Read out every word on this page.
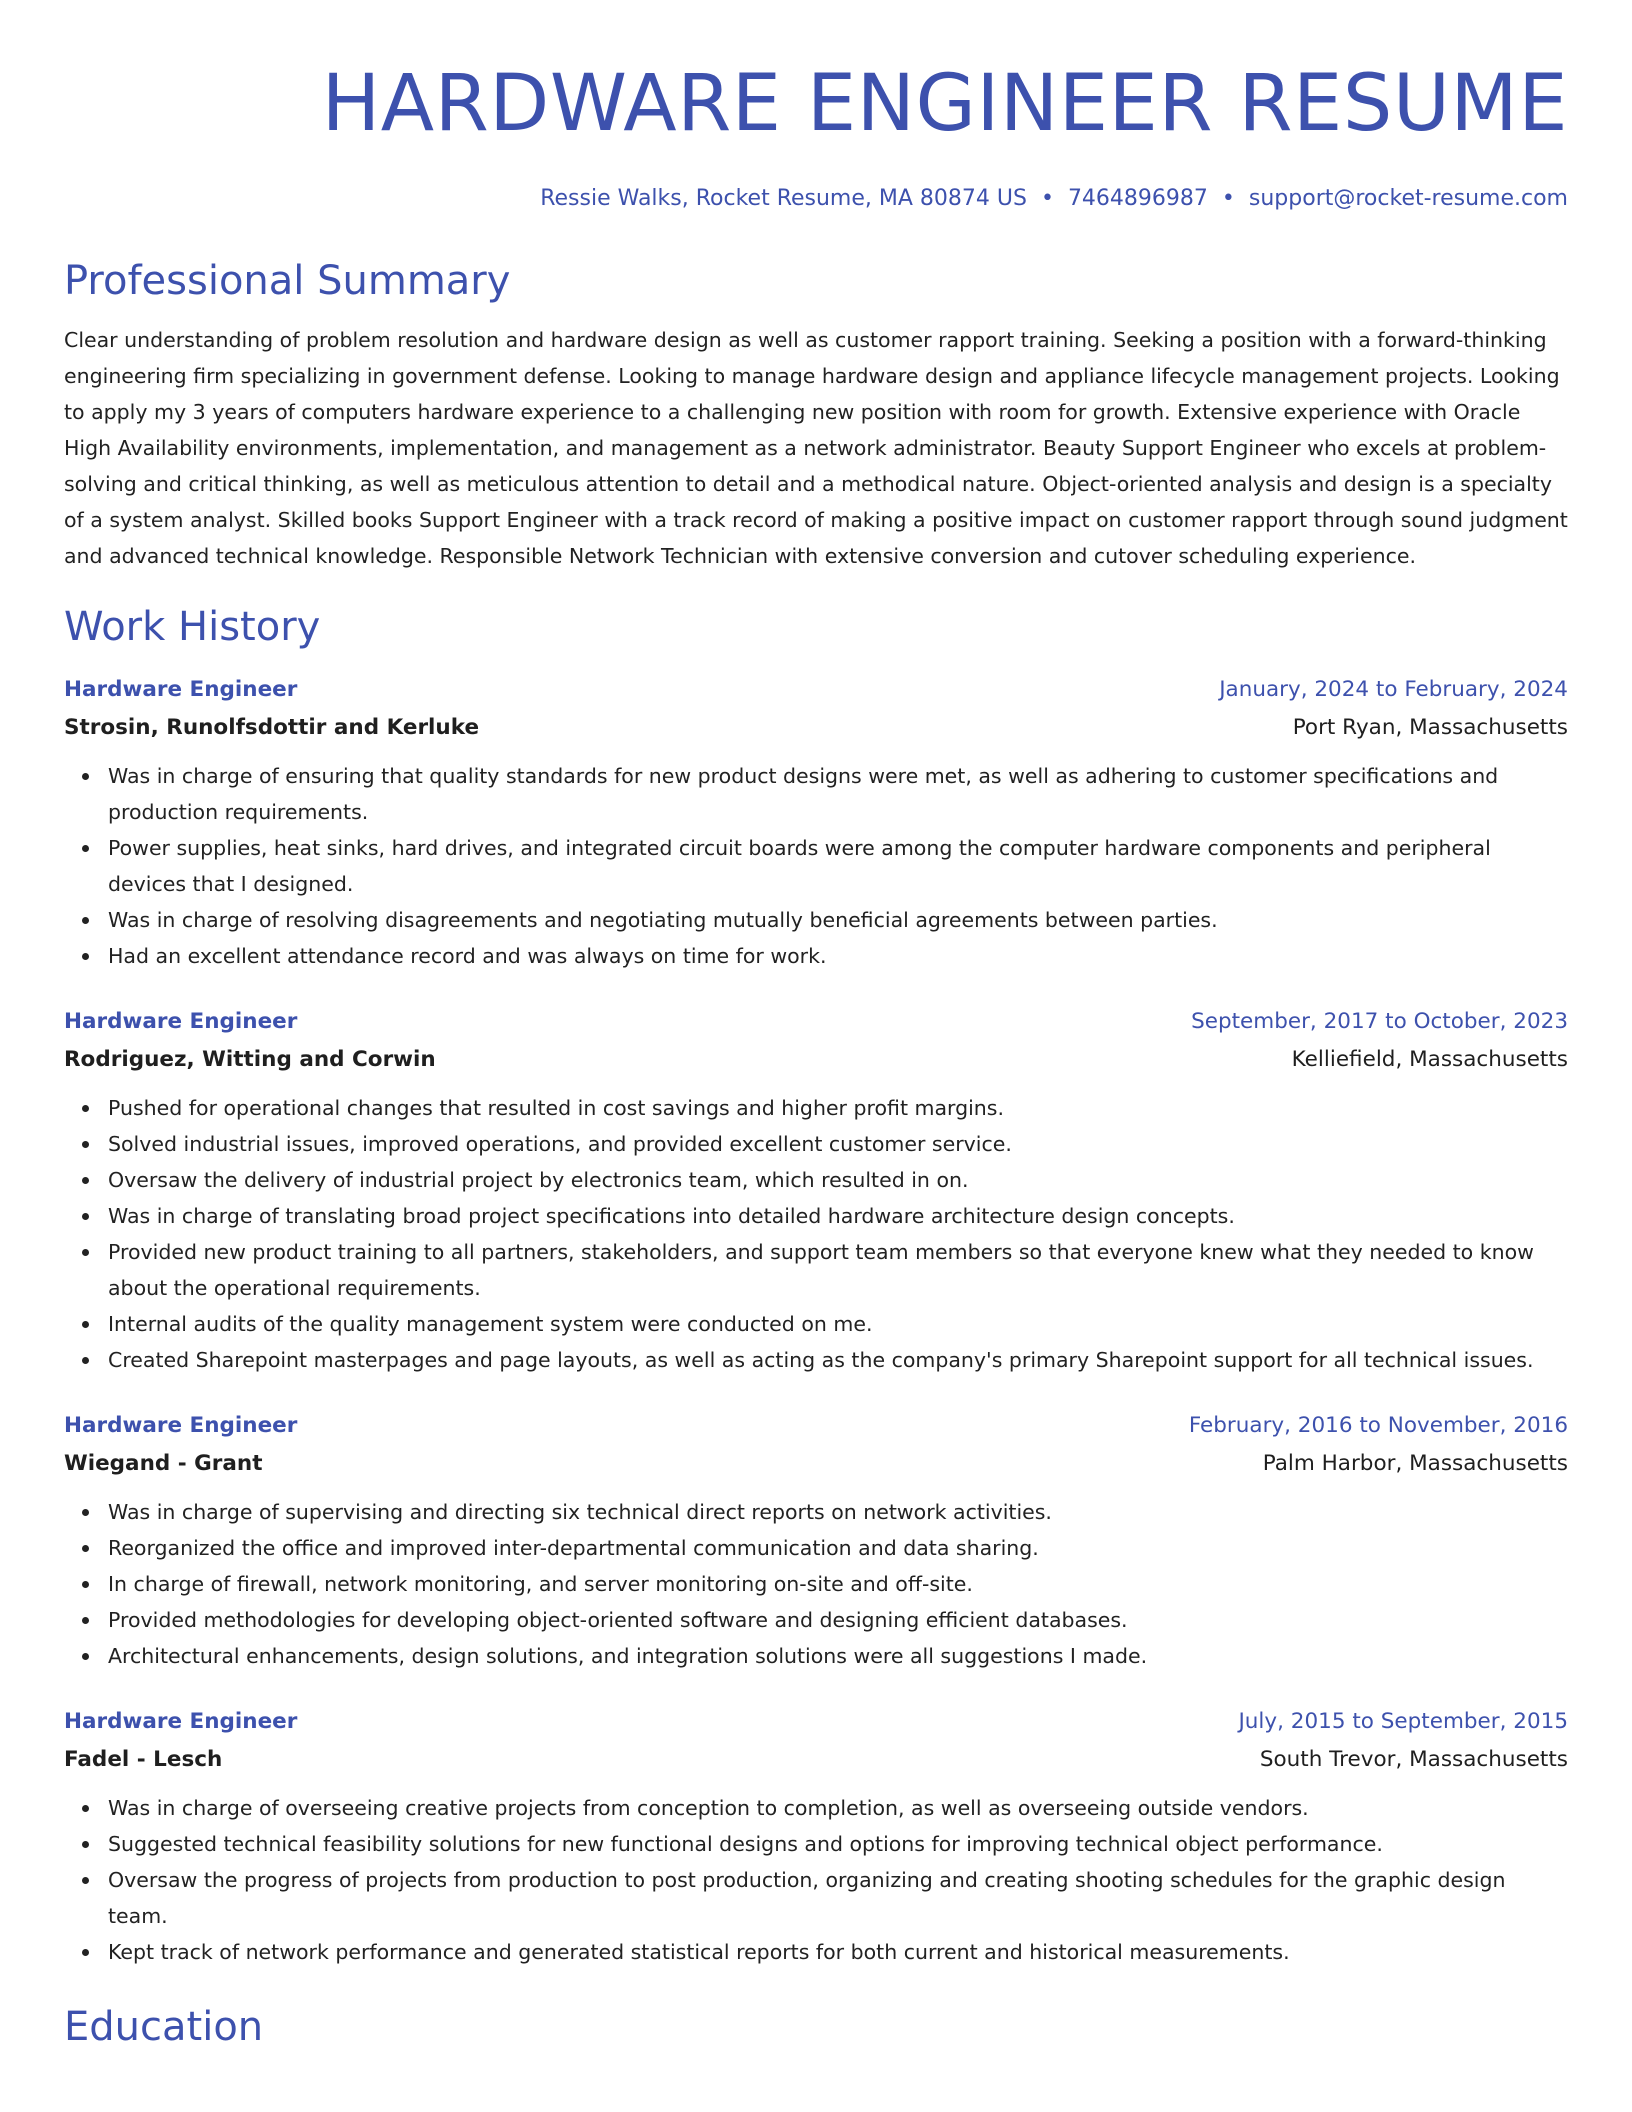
HARDWARE ENGINEER RESUME
Ressie Walks, Rocket Resume, MA 80874 US • 7464896987 • support@rocket-resume.com
Professional Summary

Clear understanding of problem resolution and hardware design as well as customer rapport training. Seeking a position with a forward-thinking engineering firm specializing in government defense. Looking to manage hardware design and appliance lifecycle management projects. Looking to apply my 3 years of computers hardware experience to a challenging new position with room for growth. Extensive experience with Oracle High Availability environments, implementation, and management as a network administrator. Beauty Support Engineer who excels at problem-solving and critical thinking, as well as meticulous attention to detail and a methodical nature. Object-oriented analysis and design is a specialty of a system analyst. Skilled books Support Engineer with a track record of making a positive impact on customer rapport through sound judgment and advanced technical knowledge. Responsible Network Technician with extensive conversion and cutover scheduling experience.

Work History
Hardware Engineer	January, 2024 to February, 2024
Strosin, Runolfsdottir and Kerluke	Port Ryan, Massachusetts
Was in charge of ensuring that quality standards for new product designs were met, as well as adhering to customer specifications and production requirements.
Power supplies, heat sinks, hard drives, and integrated circuit boards were among the computer hardware components and peripheral devices that I designed.
Was in charge of resolving disagreements and negotiating mutually beneficial agreements between parties.
Had an excellent attendance record and was always on time for work.
Hardware Engineer	September, 2017 to October, 2023
Rodriguez, Witting and Corwin	Kelliefield, Massachusetts
Pushed for operational changes that resulted in cost savings and higher profit margins.
Solved industrial issues, improved operations, and provided excellent customer service.
Oversaw the delivery of industrial project by electronics team, which resulted in on.
Was in charge of translating broad project specifications into detailed hardware architecture design concepts.
Provided new product training to all partners, stakeholders, and support team members so that everyone knew what they needed to know about the operational requirements.
Internal audits of the quality management system were conducted on me.
Created Sharepoint masterpages and page layouts, as well as acting as the company's primary Sharepoint support for all technical issues.
Hardware Engineer	February, 2016 to November, 2016
Wiegand - Grant	Palm Harbor, Massachusetts
Was in charge of supervising and directing six technical direct reports on network activities.
Reorganized the office and improved inter-departmental communication and data sharing.
In charge of firewall, network monitoring, and server monitoring on-site and off-site.
Provided methodologies for developing object-oriented software and designing efficient databases.
Architectural enhancements, design solutions, and integration solutions were all suggestions I made.
Hardware Engineer	July, 2015 to September, 2015
Fadel - Lesch	South Trevor, Massachusetts
Was in charge of overseeing creative projects from conception to completion, as well as overseeing outside vendors.
Suggested technical feasibility solutions for new functional designs and options for improving technical object performance.
Oversaw the progress of projects from production to post production, organizing and creating shooting schedules for the graphic design team.
Kept track of network performance and generated statistical reports for both current and historical measurements.
Education
